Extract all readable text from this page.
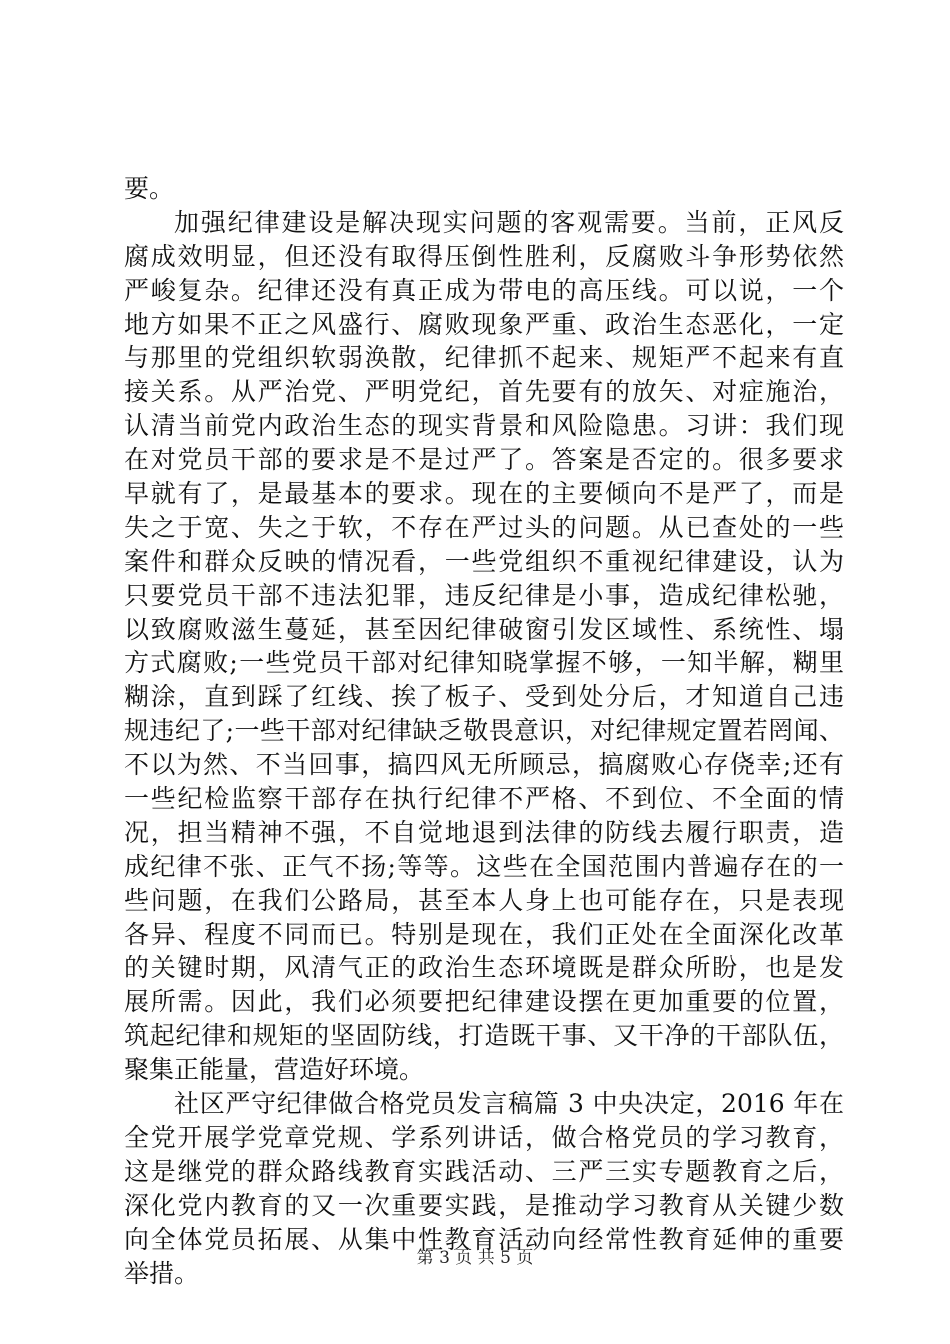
要。
加强纪律建设是解决现实问题的客观需要。当前，正风反
腐成效明显，但还没有取得压倒性胜利，反腐败斗争形势依然
严峻复杂。纪律还没有真正成为带电的高压线。可以说，一个
地方如果不正之风盛行、腐败现象严重、政治生态恶化，一定
与那里的党组织软弱涣散，纪律抓不起来、规矩严不起来有直
接关系。从严治党、严明党纪，首先要有的放矢、对症施治，
认清当前党内政治生态的现实背景和风险隐患。习讲：我们现
在对党员干部的要求是不是过严了。答案是否定的。很多要求
早就有了，是最基本的要求。现在的主要倾向不是严了，而是
失之于宽、失之于软，不存在严过头的问题。从已查处的一些
案件和群众反映的情况看，一些党组织不重视纪律建设，认为
只要党员干部不违法犯罪，违反纪律是小事，造成纪律松驰，
以致腐败滋生蔓延，甚至因纪律破窗引发区域性、系统性、塌
方式腐败;一些党员干部对纪律知晓掌握不够，一知半解，糊里
糊涂，直到踩了红线、挨了板子、受到处分后，才知道自己违
规违纪了;一些干部对纪律缺乏敬畏意识，对纪律规定置若罔闻、
不以为然、不当回事，搞四风无所顾忌，搞腐败心存侥幸;还有
一些纪检监察干部存在执行纪律不严格、不到位、不全面的情
况，担当精神不强，不自觉地退到法律的防线去履行职责，造
成纪律不张、正气不扬;等等。这些在全国范围内普遍存在的一
些问题，在我们公路局，甚至本人身上也可能存在，只是表现
各异、程度不同而已。特别是现在，我们正处在全面深化改革
的关键时期，风清气正的政治生态环境既是群众所盼，也是发
展所需。因此，我们必须要把纪律建设摆在更加重要的位置，
筑起纪律和规矩的坚固防线，打造既干事、又干净的干部队伍，
聚集正能量，营造好环境。
社区严守纪律做合格党员发言稿篇 3 中央决定，2016 年在
全党开展学党章党规、学系列讲话，做合格党员的学习教育，
这是继党的群众路线教育实践活动、三严三实专题教育之后，
深化党内教育的又一次重要实践，是推动学习教育从关键少数
向全体党员拓展、从集中性教育活动向经常性教育延伸的重要
举措。
第 3 页 共 5 页
